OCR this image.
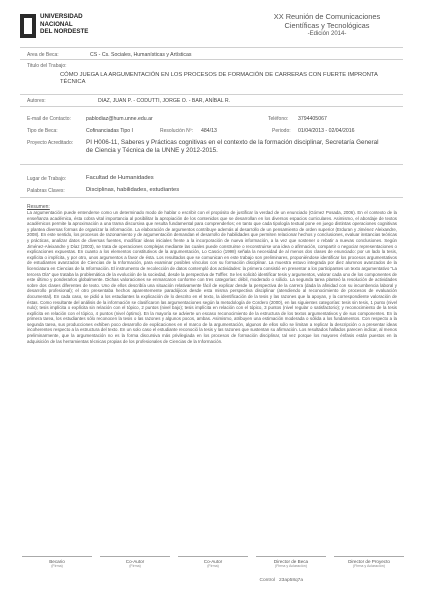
UNIVERSIDAD
NACIONAL
DEL NORDESTE
XX Reunión de Comunicaciones
Científicas y Tecnológicas
-Edición 2014-
Area de Beca:	CS - Cs. Sociales, Humanísticas y Artísticas
Titulo del Trabajo:
CÓMO JUEGA LA ARGUMENTACIÓN EN LOS PROCESOS DE FORMACIÓN DE CARRERAS CON FUERTE IMPRONTA TÉCNICA
Autores:	DIAZ, JUAN P. - CODUTTI, JORGE O. - BAR, ANÍBAL R.
E-mail de Contacto:	pablodiaz@hum.unne.edu.ar	Teléfono: 3794405067
Tipo de Beca:	Cofinanciadas Tipo I	Resolución Nº: 484/13	Periodo: 01/04/2013 - 02/04/2016
Proyecto Acreditado: PI H006-11, Saberes y Prácticas cognitivas en el contexto de la formación disciplinar, Secretaría General de Ciencia y Técnica de la UNNE y 2012-2015.
Lugar de Trabajo:	Facultad de Humanidades
Palabras Claves:	Disciplinas, habilidades, estudiantes
Resumen:
La argumentación puede entenderse como un determinado modo de hablar o escribir con el propósito de justificar la verdad de un enunciado (Gómez Posada, 2006). En el contexto de la enseñanza académica, ésta cobra vital importancia al posibilitar la apropiación de los contenidos que se desarrollan en los diversos espacios curriculares. Asimismo, el abordaje de textos académicos permite la aproximación a una trama discursiva que resulta fundamental para comprenderlos; en tanto que cada tipología textual pone en juego distintas operaciones cognitivas y plantea diversas formas de organizar la información. La elaboración de argumentos contribuye además al desarrollo de un pensamiento de orden superior (Erduran y Jiménez Aleixandre, 2008). En este sentido, los procesos de razonamiento y de argumentación demandan el desarrollo de habilidades que permiten relacionar hechos y conclusiones, evaluar instancias teóricas y prácticas, analizar datos de diversas fuentes, modificar ideas iniciales frente a la incorporación de nueva información, a la vez que sostener o rebatir a nuevas conclusiones. Según Jiménez-Aleixandre y Díaz (2003), se trata de operaciones complejas mediante las cuales puede construirse o reconstruirse una idea o afirmación, compartir o negociar representaciones o explicaciones expuestas. En cuanto a los elementos constitutivos de la argumentación, Lo Cascio (1998) señala la necesidad de al menos dos clases de enunciado: por un lado la tesis, explícita o implícita, y por otro, unos argumentos a favor de ésta. Los resultados que se comunican en este trabajo son preliminares, proponiéndose identificar los procesos argumentativos de estudiantes avanzados de Ciencias de la Información, para examinar posibles vínculos con su formación disciplinar. La muestra estuvo integrada por diez alumnos avanzados de la licenciatura en Ciencias de la Información. El instrumento de recolección de datos contempló dos actividades: la primera consistió en presentar a los participantes un texto argumentativo "La tercera Ola" que trataba la problemática de la evolución de la sociedad, desde la perspectiva de Toffler. Se les solicitó identificar tesis y argumentos, valorar cada uno de los componentes de este último y ponderarlos globalmente. Dichas valoraciones se enmarcaron conforme con tres categorías: débil, moderado o sólido. La segunda tarea planteó la resolución de actividades sobre dos clases diferentes de texto. Uno de ellos describía una situación relativamente fácil de explicar desde la perspectiva de la carrera (dada la afinidad con su incumbencia laboral y desarrollo profesional); el otro presentaba hechos aparentemente paradójicos desde esta misma perspectiva disciplinar (atendiendo al reconocimiento de procesos de evaluación documental). En cada caso, se pidió a los estudiantes la explicación de lo descrito en el texto, la identificación de la tesis y las razones que la apoyan, y la correspondiente valoración de éstas. Como resultante del análisis de la información se clasificaron las argumentaciones según la metodología de Cordero (2000), en las siguientes categorías: tesis sin tesis, 1 punto (nivel nulo); tesis implícita o explícita sin relación con el tópico, 2 puntos (nivel bajo); tesis implícita en relación con el tópico, 3 puntos (nivel regular o satisfactorio); y reconocimiento de la tesis explícita en relación con el tópico, 4 puntos (nivel óptimo). En la mayoría se advierte un escaso reconocimiento de la estructura de los textos argumentativos y de sus componentes. En la primera tarea, los estudiantes sólo reconocen la tesis o las razones y algunos pocos, ambas. Asimismo, atribuyen una estimación moderada o sólida a los fundamentos. Con respecto a la segunda tarea, sus producciones exhiben poco desarrollo de explicaciones en el marco de la argumentación, algunos de ellos sólo se limitan a replicar la descripción o a presentar ideas incoherentes respecto a la estructura del texto. En un solo caso el estudiante reconoció la tesis y las razones que sustentan su afirmación. Los resultados hallados parecen indicar, al menos preliminarmente, que la argumentación no es la forma discursiva más privilegiada en los procesos de formación disciplinar, tal vez porque los mayores énfasis están puestos en la adquisición de las herramientas técnicas propias de los profesionales de Ciencias de la Información.
Becario
(Firma)
Co-Autor
(Firma)
Co-Autor
(Firma)
Director de Beca
(Firma y Aclaración)
Director de Proyecto
(Firma y Aclaración)
Control 23ap58q7a
